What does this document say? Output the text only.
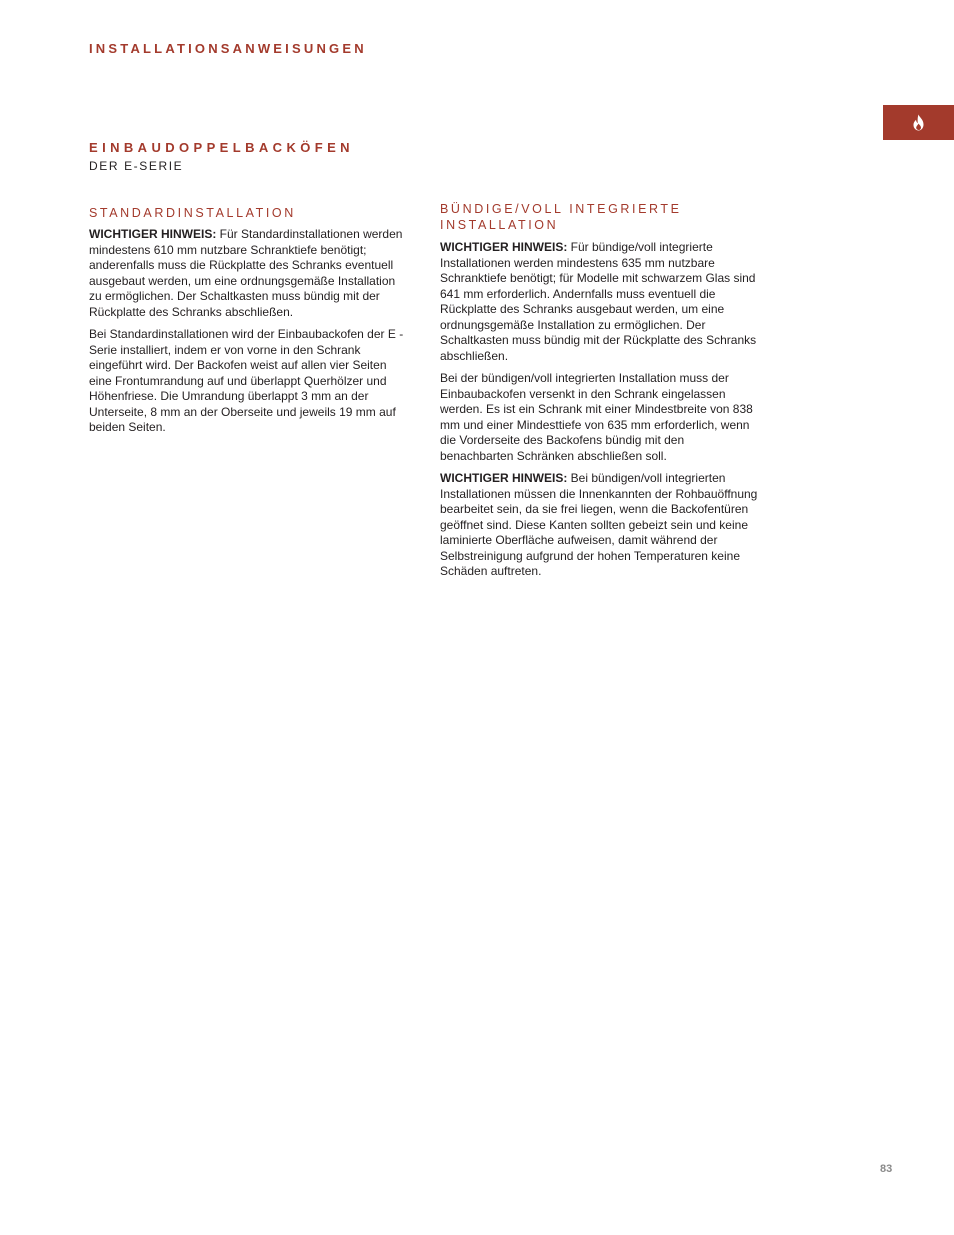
INSTALLATIONSANWEISUNGEN
EINBAUDOPPELBACKÖFEN
DER E-SERIE
STANDARDINSTALLATION

WICHTIGER HINWEIS: Für Standardinstallationen werden mindestens 610 mm nutzbare Schranktiefe benötigt; anderenfalls muss die Rückplatte des Schranks eventuell ausgebaut werden, um eine ordnungsgemäße Installation zu ermöglichen. Der Schaltkasten muss bündig mit der Rückplatte des Schranks abschließen.

Bei Standardinstallationen wird der Einbaubackofen der E - Serie installiert, indem er von vorne in den Schrank eingeführt wird. Der Backofen weist auf allen vier Seiten eine Frontumrandung auf und überlappt Querhölzer und Höhenfriese. Die Umrandung überlappt 3 mm an der Unterseite, 8 mm an der Oberseite und jeweils 19 mm auf beiden Seiten.

BÜNDIGE/VOLL INTEGRIERTE INSTALLATION

WICHTIGER HINWEIS: Für bündige/voll integrierte Installationen werden mindestens 635 mm nutzbare Schranktiefe benötigt; für Modelle mit schwarzem Glas sind 641 mm erforderlich. Andernfalls muss eventuell die Rückplatte des Schranks ausgebaut werden, um eine ordnungsgemäße Installation zu ermöglichen. Der Schaltkasten muss bündig mit der Rückplatte des Schranks abschließen.

Bei der bündigen/voll integrierten Installation muss der Einbaubackofen versenkt in den Schrank eingelassen werden. Es ist ein Schrank mit einer Mindestbreite von 838 mm und einer Mindesttiefe von 635 mm erforderlich, wenn die Vorderseite des Backofens bündig mit den benachbarten Schränken abschließen soll.

WICHTIGER HINWEIS: Bei bündigen/voll integrierten Installationen müssen die Innenkannten der Rohbauöffnung bearbeitet sein, da sie frei liegen, wenn die Backofentüren geöffnet sind. Diese Kanten sollten gebeizt sein und keine laminierte Oberfläche aufweisen, damit während der Selbstreinigung aufgrund der hohen Temperaturen keine Schäden auftreten.

83
